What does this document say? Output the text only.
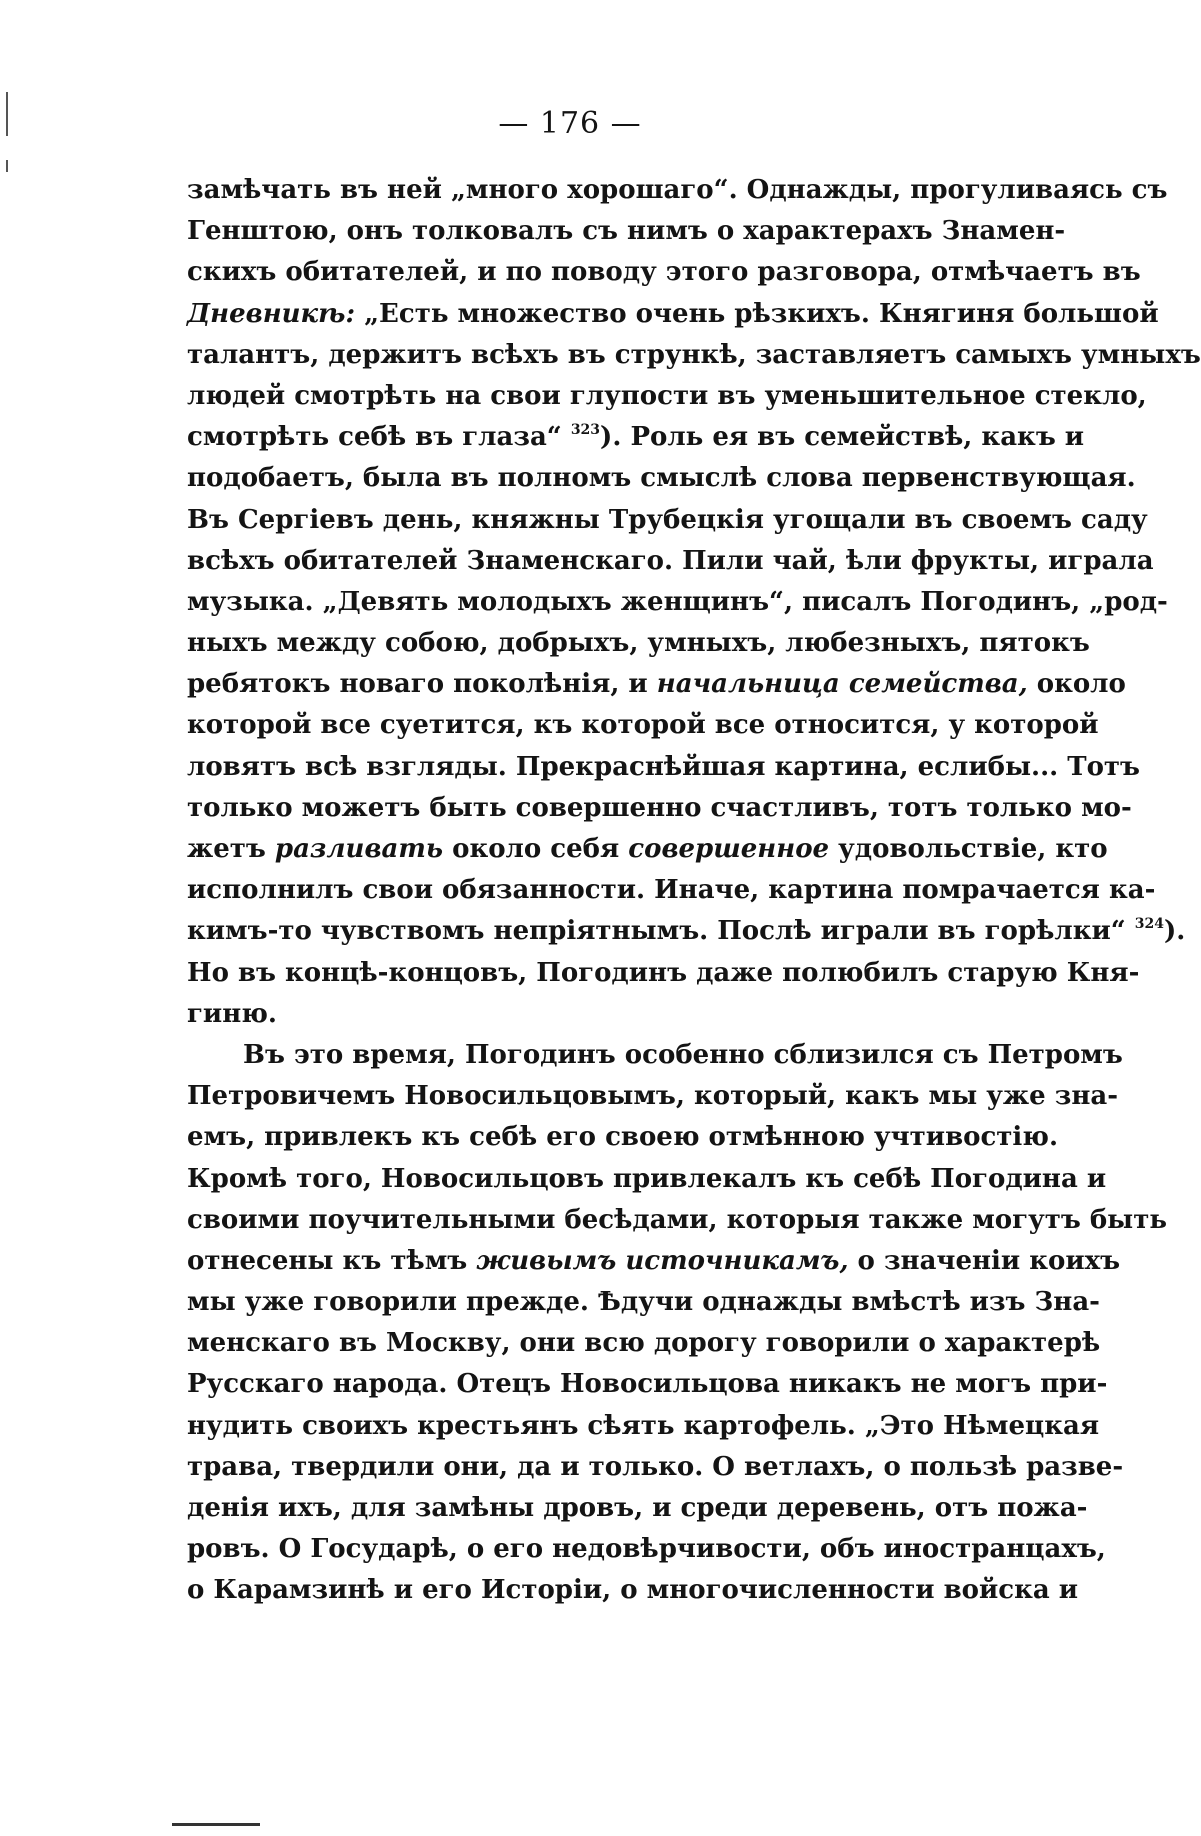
— 176 —
замѣчать въ ней „много хорошаго“. Однажды, прогуливаясь съ
Генштою, онъ толковалъ съ нимъ о характерахъ Знамен-
скихъ обитателей, и по поводу этого разговора, отмѣчаетъ въ
Дневникѣ: „Есть множество очень рѣзкихъ. Княгиня большой
талантъ, держитъ всѣхъ въ стрункѣ, заставляетъ самыхъ умныхъ
людей смотрѣть на свои глупости въ уменьшительное стекло,
смотрѣть себѣ въ глаза“ $^{323}$). Роль ея въ семействѣ, какъ и
подобаетъ, была въ полномъ смыслѣ слова первенствующая.
Въ Сергіевъ день, княжны Трубецкія угощали въ своемъ саду
всѣхъ обитателей Знаменскаго. Пили чай, ѣли фрукты, играла
музыка. „Девять молодыхъ женщинъ“, писалъ Погодинъ, „род-
ныхъ между собою, добрыхъ, умныхъ, любезныхъ, пятокъ
ребятокъ новаго поколѣнія, и начальница семейства, около
которой все суетится, къ которой все относится, у которой
ловятъ всѣ взгляды. Прекраснѣйшая картина, еслибы... Тотъ
только можетъ быть совершенно счастливъ, тотъ только мо-
жетъ разливать около себя совершенное удовольствіе, кто
исполнилъ свои обязанности. Иначе, картина помрачается ка-
кимъ-то чувствомъ непріятнымъ. Послѣ играли въ горѣлки“ $^{324}$).
Но въ концѣ-концовъ, Погодинъ даже полюбилъ старую Кня-
гиню.
Въ это время, Погодинъ особенно сблизился съ Петромъ
Петровичемъ Новосильцовымъ, который, какъ мы уже зна-
емъ, привлекъ къ себѣ его своею отмѣнною учтивостію.
Кромѣ того, Новосильцовъ привлекалъ къ себѣ Погодина и
своими поучительными бесѣдами, которыя также могутъ быть
отнесены къ тѣмъ живымъ источникамъ, о значеніи коихъ
мы уже говорили прежде. Ѣдучи однажды вмѣстѣ изъ Зна-
менскаго въ Москву, они всю дорогу говорили о характерѣ
Русскаго народа. Отецъ Новосильцова никакъ не могъ при-
нудить своихъ крестьянъ сѣять картофель. „Это Нѣмецкая
трава, твердили они, да и только. О ветлахъ, о пользѣ разве-
денія ихъ, для замѣны дровъ, и среди деревень, отъ пожа-
ровъ. О Государѣ, о его недовѣрчивости, объ иностранцахъ,
о Карамзинѣ и его Исторіи, о многочисленности войска и
